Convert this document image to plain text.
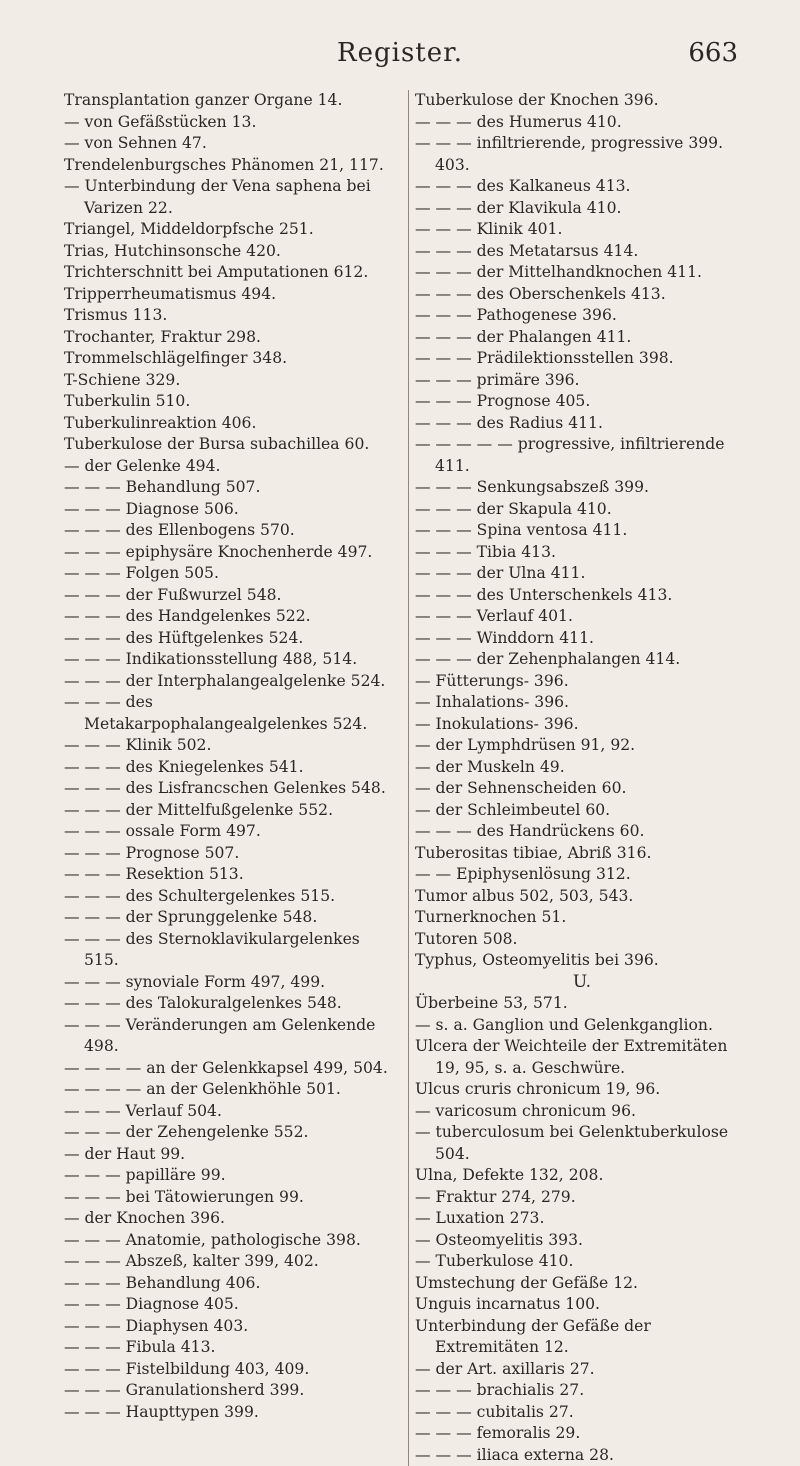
Register.	663

Transplantation ganzer Organe 14.

— von Gefäßstücken 13.

— von Sehnen 47.

Trendelenburgsches Phänomen 21, 117.

— Unterbindung der Vena saphena bei Varizen 22.

Triangel, Middeldorpfsche 251.

Trias, Hutchinsonsche 420.

Trichterschnitt bei Amputationen 612.

Tripperrheumatismus 494.

Trismus 113.

Trochanter, Fraktur 298.

Trommelschlägelfinger 348.

T-Schiene 329.

Tuberkulin 510.

Tuberkulinreaktion 406.

Tuberkulose der Bursa subachillea 60.

— der Gelenke 494.

— — — Behandlung 507.

— — — Diagnose 506.

— — — des Ellenbogens 570.

— — — epiphysäre Knochenherde 497.

— — — Folgen 505.

— — — der Fußwurzel 548.

— — — des Handgelenkes 522.

— — — des Hüftgelenkes 524.

— — — Indikationsstellung 488, 514.

— — — der Interphalangealgelenke 524.

— — — des Metakarpophalangealgelenkes 524.

— — — Klinik 502.

— — — des Kniegelenkes 541.

— — — des Lisfrancschen Gelenkes 548.

— — — der Mittelfußgelenke 552.

— — — ossale Form 497.

— — — Prognose 507.

— — — Resektion 513.

— — — des Schultergelenkes 515.

— — — der Sprunggelenke 548.

— — — des Sternoklavikulargelenkes 515.

— — — synoviale Form 497, 499.

— — — des Talokuralgelenkes 548.

— — — Veränderungen am Gelenkende 498.

— — — — an der Gelenkkapsel 499, 504.

— — — — an der Gelenkhöhle 501.

— — — Verlauf 504.

— — — der Zehengelenke 552.

— der Haut 99.

— — — papilläre 99.

— — — bei Tätowierungen 99.

— der Knochen 396.

— — — Anatomie, pathologische 398.

— — — Abszeß, kalter 399, 402.

— — — Behandlung 406.

— — — Diagnose 405.

— — — Diaphysen 403.

— — — Fibula 413.

— — — Fistelbildung 403, 409.

— — — Granulationsherd 399.

— — — Haupttypen 399.

Tuberkulose der Knochen 396.

— — — des Humerus 410.

— — — infiltrierende, progressive 399. 403.

— — — des Kalkaneus 413.

— — — der Klavikula 410.

— — — Klinik 401.

— — — des Metatarsus 414.

— — — der Mittelhandknochen 411.

— — — des Oberschenkels 413.

— — — Pathogenese 396.

— — — der Phalangen 411.

— — — Prädilektionsstellen 398.

— — — primäre 396.

— — — Prognose 405.

— — — des Radius 411.

— — — — — progressive, infiltrierende 411.

— — — Senkungsabszeß 399.

— — — der Skapula 410.

— — — Spina ventosa 411.

— — — Tibia 413.

— — — der Ulna 411.

— — — des Unterschenkels 413.

— — — Verlauf 401.

— — — Winddorn 411.

— — — der Zehenphalangen 414.

— Fütterungs- 396.

— Inhalations- 396.

— Inokulations- 396.

— der Lymphdrüsen 91, 92.

— der Muskeln 49.

— der Sehnenscheiden 60.

— der Schleimbeutel 60.

— — — des Handrückens 60.

Tuberositas tibiae, Abriß 316.

— — Epiphysenlösung 312.

Tumor albus 502, 503, 543.

Turnerknochen 51.

Tutoren 508.

Typhus, Osteomyelitis bei 396.

U.

Überbeine 53, 571.

— s. a. Ganglion und Gelenkganglion.

Ulcera der Weichteile der Extremitäten 19, 95, s. a. Geschwüre.

Ulcus cruris chronicum 19, 96.

— varicosum chronicum 96.

— tuberculosum bei Gelenktuberkulose 504.

Ulna, Defekte 132, 208.

— Fraktur 274, 279.

— Luxation 273.

— Osteomyelitis 393.

— Tuberkulose 410.

Umstechung der Gefäße 12.

Unguis incarnatus 100.

Unterbindung der Gefäße der Extremitäten 12.

— der Art. axillaris 27.

— — — brachialis 27.

— — — cubitalis 27.

— — — femoralis 29.

— — — iliaca externa 28.
